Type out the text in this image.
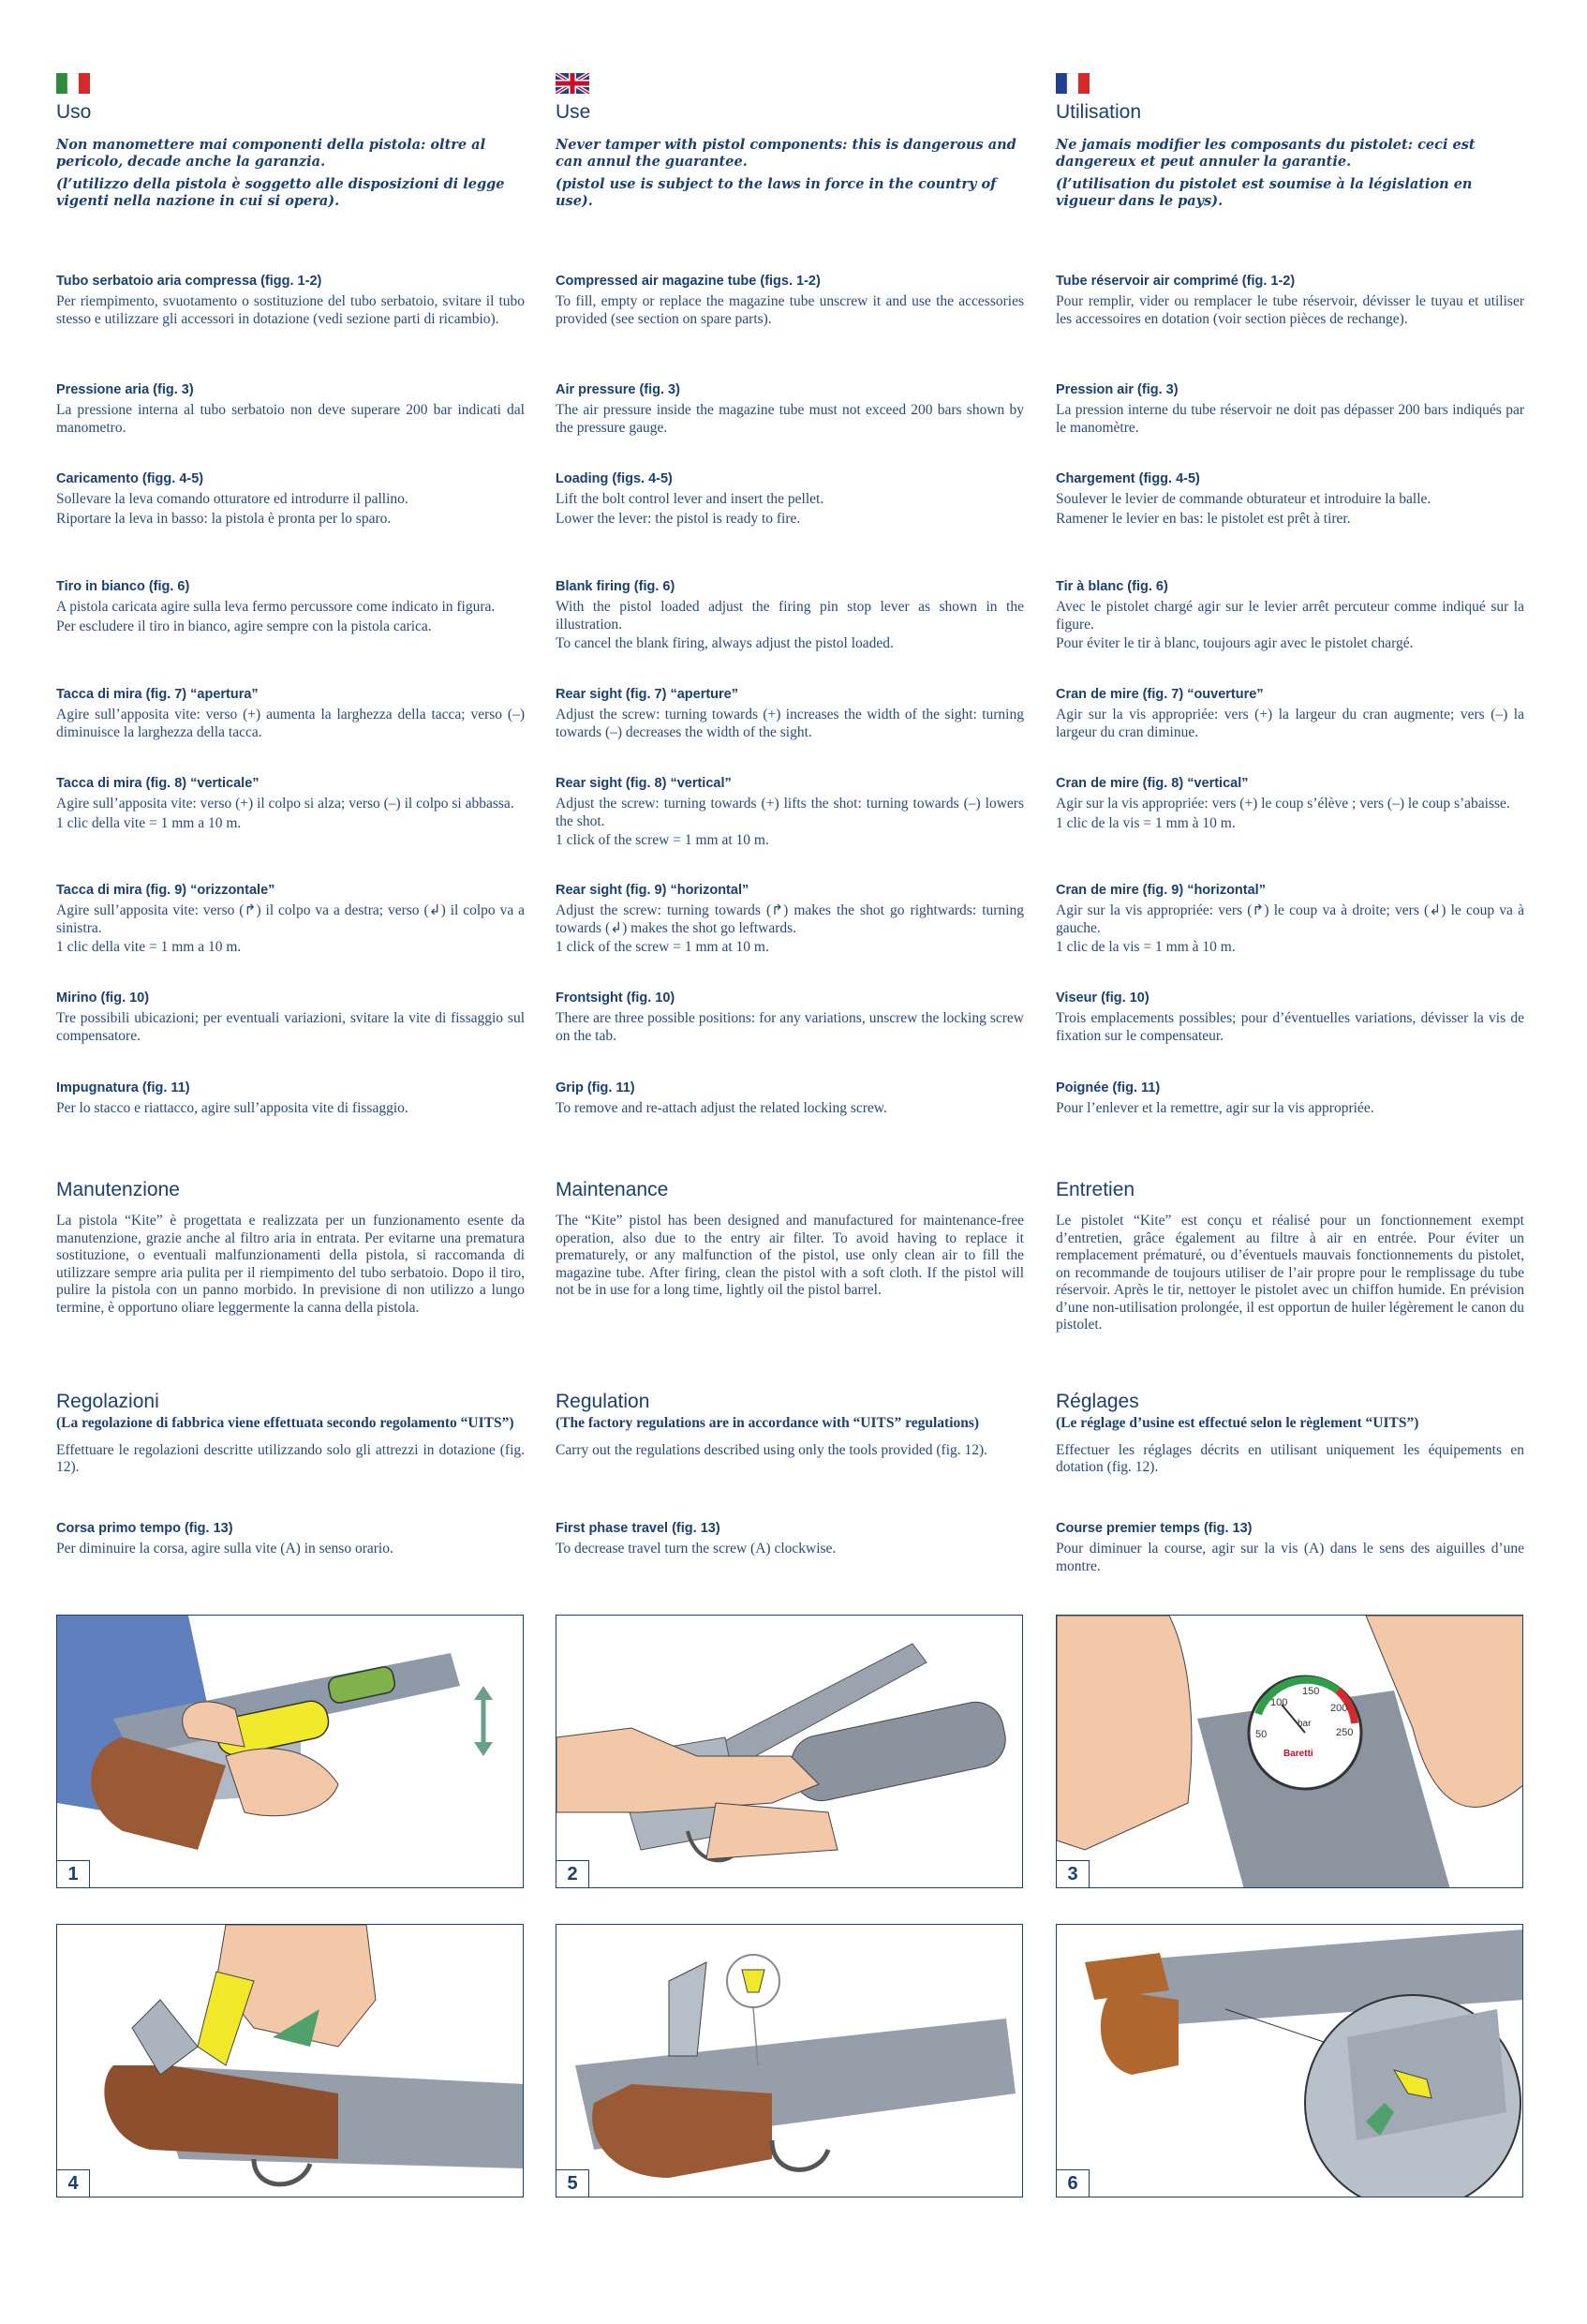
Uso	Use	Utilisation

Non manomettere mai componenti della pistola: oltre al pericolo, decade anche la garanzia.

(l’utilizzo della pistola è soggetto alle disposizioni di legge vigenti nella nazione in cui si opera).

Tubo serbatoio aria compressa (figg. 1-2)

Per riempimento, svuotamento o sostituzione del tubo serbatoio, svitare il tubo stesso e utilizzare gli accessori in dotazione (vedi sezione parti di ricambio).

Pressione aria (fig. 3)

La pressione interna al tubo serbatoio non deve superare 200 bar indicati dal manometro.

Caricamento (figg. 4-5)

Sollevare la leva comando otturatore ed introdurre il pallino.

Riportare la leva in basso: la pistola è pronta per lo sparo.

Tiro in bianco (fig. 6)

A pistola caricata agire sulla leva fermo percussore come indicato in figura.

Per escludere il tiro in bianco, agire sempre con la pistola carica.

Tacca di mira (fig. 7) “apertura”

Agire sull’apposita vite: verso (+) aumenta la larghezza della tacca; verso (–) diminuisce la larghezza della tacca.

Tacca di mira (fig. 8) “verticale”

Agire sull’apposita vite: verso (+) il colpo si alza; verso (–) il colpo si abbassa.

1 clic della vite = 1 mm a 10 m.

Tacca di mira (fig. 9) “orizzontale”

Agire sull’apposita vite: verso (↱) il colpo va a destra; verso (↲) il colpo va a sinistra.

1 clic della vite = 1 mm a 10 m.

Mirino (fig. 10)

Tre possibili ubicazioni; per eventuali variazioni, svitare la vite di fissaggio sul compensatore.

Impugnatura (fig. 11)

Per lo stacco e riattacco, agire sull’apposita vite di fissaggio.

Manutenzione

La pistola “Kite” è progettata e realizzata per un funzionamento esente da manutenzione, grazie anche al filtro aria in entrata. Per evitarne una prematura sostituzione, o eventuali malfunzionamenti della pistola, si raccomanda di utilizzare sempre aria pulita per il riempimento del tubo serbatoio. Dopo il tiro, pulire la pistola con un panno morbido. In previsione di non utilizzo a lungo termine, è opportuno oliare leggermente la canna della pistola.

Regolazioni

(La regolazione di fabbrica viene effettuata secondo regolamento “UITS”)

Effettuare le regolazioni descritte utilizzando solo gli attrezzi in dotazione (fig. 12).

Corsa primo tempo (fig. 13)

Per diminuire la corsa, agire sulla vite (A) in senso orario.

Never tamper with pistol components: this is dangerous and can annul the guarantee.

(pistol use is subject to the laws in force in the country of use).

Compressed air magazine tube (figs. 1-2)

To fill, empty or replace the magazine tube unscrew it and use the accessories provided (see section on spare parts).

Air pressure (fig. 3)

The air pressure inside the magazine tube must not exceed 200 bars shown by the pressure gauge.

Loading (figs. 4-5)

Lift the bolt control lever and insert the pellet.

Lower the lever: the pistol is ready to fire.

Blank firing (fig. 6)

With the pistol loaded adjust the firing pin stop lever as shown in the illustration.

To cancel the blank firing, always adjust the pistol loaded.

Rear sight (fig. 7) “aperture”

Adjust the screw: turning towards (+) increases the width of the sight: turning towards (–) decreases the width of the sight.

Rear sight (fig. 8) “vertical”

Adjust the screw: turning towards (+) lifts the shot: turning towards (–) lowers the shot.

1 click of the screw = 1 mm at 10 m.

Rear sight (fig. 9) “horizontal”

Adjust the screw: turning towards (↱) makes the shot go rightwards: turning towards (↲) makes the shot go leftwards.

1 click of the screw = 1 mm at 10 m.

Frontsight (fig. 10)

There are three possible positions: for any variations, unscrew the locking screw on the tab.

Grip (fig. 11)

To remove and re-attach adjust the related locking screw.

Maintenance

The “Kite” pistol has been designed and manufactured for maintenance-free operation, also due to the entry air filter. To avoid having to replace it prematurely, or any malfunction of the pistol, use only clean air to fill the magazine tube. After firing, clean the pistol with a soft cloth. If the pistol will not be in use for a long time, lightly oil the pistol barrel.

Regulation

(The factory regulations are in accordance with “UITS” regulations)

Carry out the regulations described using only the tools provided (fig. 12).

First phase travel (fig. 13)

To decrease travel turn the screw (A) clockwise.

Ne jamais modifier les composants du pistolet: ceci est dangereux et peut annuler la garantie.

(l’utilisation du pistolet est soumise à la législation en vigueur dans le pays).

Tube réservoir air comprimé (fig. 1-2)

Pour remplir, vider ou remplacer le tube réservoir, dévisser le tuyau et utiliser les accessoires en dotation (voir section pièces de rechange).

Pression air (fig. 3)

La pression interne du tube réservoir ne doit pas dépasser 200 bars indiqués par le manomètre.

Chargement (figg. 4-5)

Soulever le levier de commande obturateur et introduire la balle.

Ramener le levier en bas: le pistolet est prêt à tirer.

Tir à blanc (fig. 6)

Avec le pistolet chargé agir sur le levier arrêt percuteur comme indiqué sur la figure.

Pour éviter le tir à blanc, toujours agir avec le pistolet chargé.

Cran de mire (fig. 7) “ouverture”

Agir sur la vis appropriée: vers (+) la largeur du cran augmente; vers (–) la largeur du cran diminue.

Cran de mire (fig. 8) “vertical”

Agir sur la vis appropriée: vers (+) le coup s’élève ; vers (–) le coup s’abaisse.

1 clic de la vis = 1 mm à 10 m.

Cran de mire (fig. 9) “horizontal”

Agir sur la vis appropriée: vers (↱) le coup va à droite; vers (↲) le coup va à gauche.

1 clic de la vis = 1 mm à 10 m.

Viseur (fig. 10)

Trois emplacements possibles; pour d’éventuelles variations, dévisser la vis de fixation sur le compensateur.

Poignée (fig. 11)

Pour l’enlever et la remettre, agir sur la vis appropriée.

Entretien

Le pistolet “Kite” est conçu et réalisé pour un fonctionnement exempt d’entretien, grâce également au filtre à air en entrée. Pour éviter un remplacement prématuré, ou d’éventuels mauvais fonctionnements du pistolet, on recommande de toujours utiliser de l’air propre pour le remplissage du tube réservoir. Après le tir, nettoyer le pistolet avec un chiffon humide. En prévision d’une non-utilisation prolongée, il est opportun de huiler légèrement le canon du pistolet.

Réglages

(Le réglage d’usine est effectué selon le règlement “UITS”)

Effectuer les réglages décrits en utilisant uniquement les équipements en dotation (fig. 12).

Course premier temps (fig. 13)

Pour diminuer la course, agir sur la vis (A) dans le sens des aiguilles d’une montre.

1	2
50
100
150
200
250
bar
Baretti
3
4	5	6
